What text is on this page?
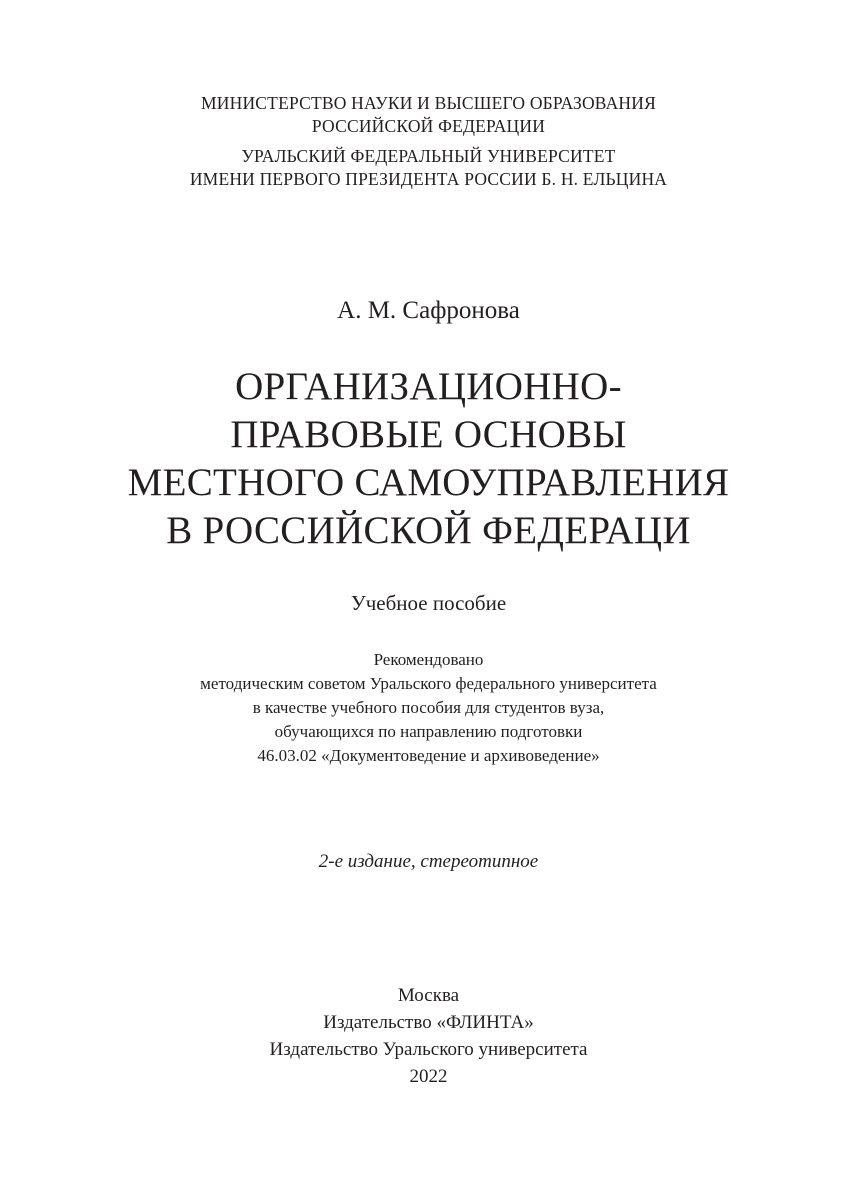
МИНИСТЕРСТВО НАУКИ И ВЫСШЕГО ОБРАЗОВАНИЯ
РОССИЙСКОЙ ФЕДЕРАЦИИ
УРАЛЬСКИЙ ФЕДЕРАЛЬНЫЙ УНИВЕРСИТЕТ
ИМЕНИ ПЕРВОГО ПРЕЗИДЕНТА РОССИИ Б. Н. ЕЛЬЦИНА
А. М. Сафронова
ОРГАНИЗАЦИОННО-
ПРАВОВЫЕ ОСНОВЫ
МЕСТНОГО САМОУПРАВЛЕНИЯ
В РОССИЙСКОЙ ФЕДЕРАЦИ
Учебное пособие
Рекомендовано
методическим советом Уральского федерального университета
в качестве учебного пособия для студентов вуза,
обучающихся по направлению подготовки
46.03.02 «Документоведение и архивоведение»
2-е издание, стереотипное
Москва
Издательство «ФЛИНТА»
Издательство Уральского университета
2022
